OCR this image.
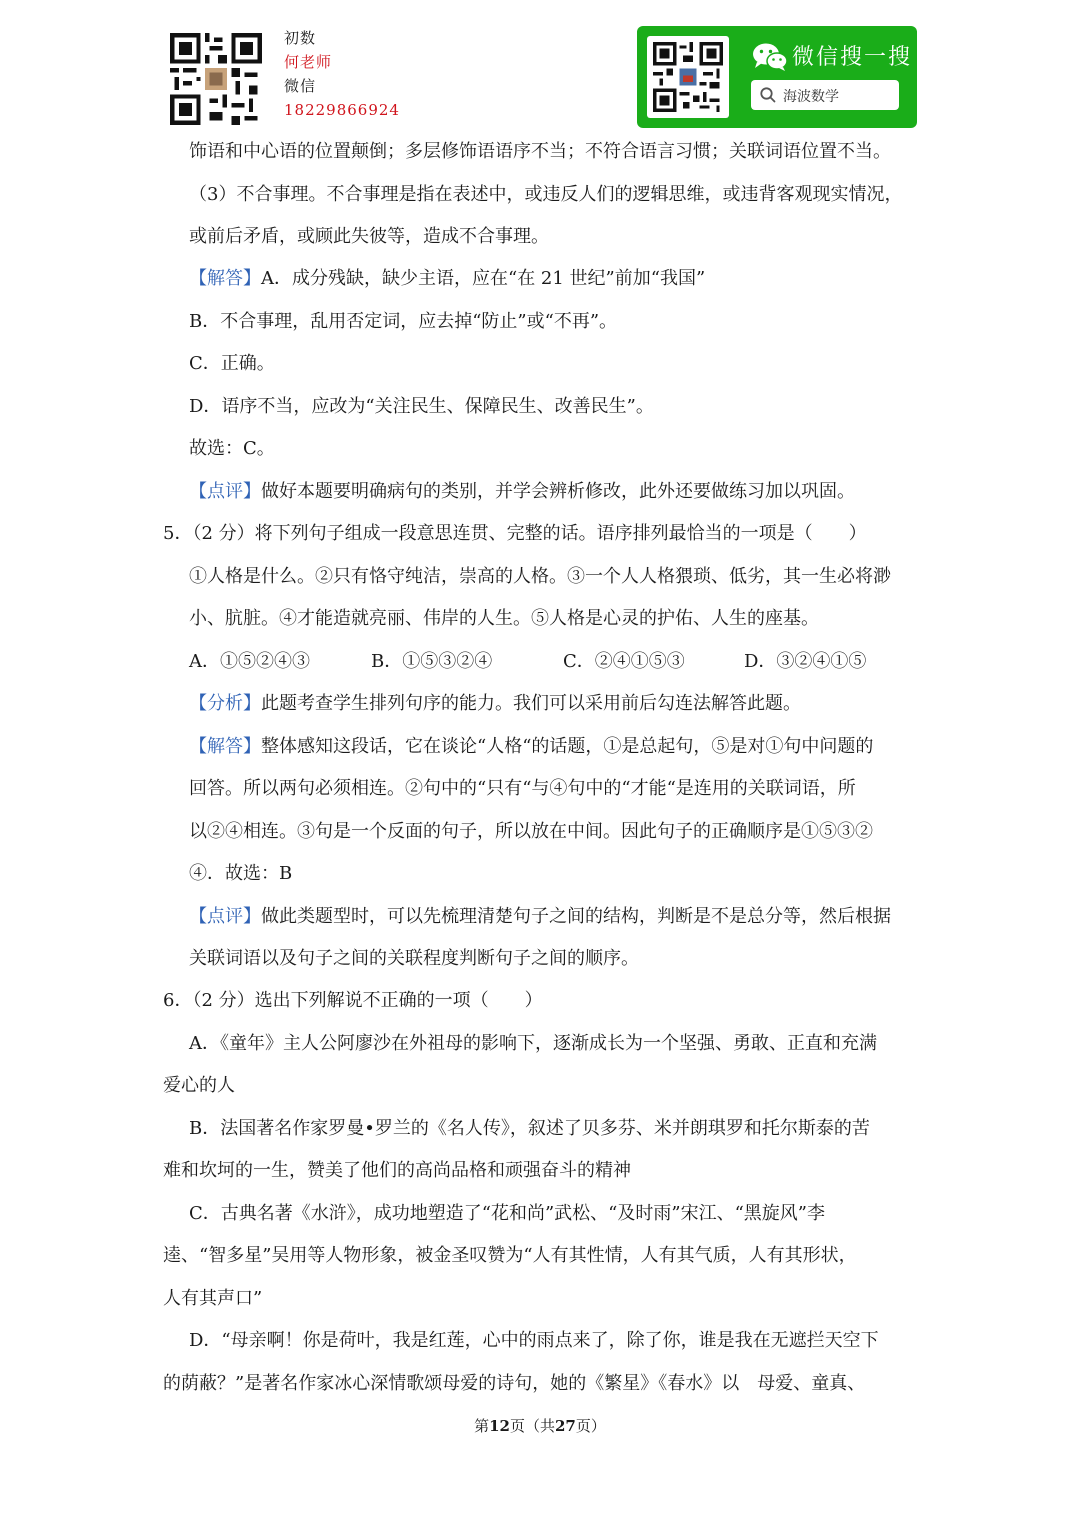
初数
何老师
微信
18229866924
微信搜一搜
海波数学
饰语和中心语的位置颠倒；多层修饰语语序不当；不符合语言习惯；关联词语位置不当。
（3）不合事理。不合事理是指在表述中，或违反人们的逻辑思维，或违背客观现实情况，
或前后矛盾，或顾此失彼等，造成不合事理。
【解答】A．成分残缺，缺少主语，应在“在 21 世纪”前加“我国”
B．不合事理，乱用否定词，应去掉“防止”或“不再”。
C．正确。
D．语序不当，应改为“关注民生、保障民生、改善民生”。
故选：C。
【点评】做好本题要明确病句的类别，并学会辨析修改，此外还要做练习加以巩固。
5．（2 分）将下列句子组成一段意思连贯、完整的话。语序排列最恰当的一项是（　　）
①人格是什么。②只有恪守纯洁，崇高的人格。③一个人人格猥琐、低劣，其一生必将渺
小、肮脏。④才能造就亮丽、伟岸的人生。⑤人格是心灵的护佑、人生的座基。
A．①⑤②④③	B．①⑤③②④	C．②④①⑤③	D．③②④①⑤
【分析】此题考查学生排列句序的能力。我们可以采用前后勾连法解答此题。
【解答】整体感知这段话，它在谈论“人格“的话题，①是总起句，⑤是对①句中问题的
回答。所以两句必须相连。②句中的“只有“与④句中的“才能“是连用的关联词语，所
以②④相连。③句是一个反面的句子，所以放在中间。因此句子的正确顺序是①⑤③②
④．故选：B
【点评】做此类题型时，可以先梳理清楚句子之间的结构，判断是不是总分等，然后根据
关联词语以及句子之间的关联程度判断句子之间的顺序。
6．（2 分）选出下列解说不正确的一项（　　）
A．《童年》主人公阿廖沙在外祖母的影响下，逐渐成长为一个坚强、勇敢、正直和充满
爱心的人
B．法国著名作家罗曼•罗兰的《名人传》，叙述了贝多芬、米并朗琪罗和托尔斯泰的苦
难和坎坷的一生，赞美了他们的高尚品格和顽强奋斗的精神
C．古典名著《水浒》，成功地塑造了“花和尚”武松、“及时雨”宋江、“黑旋风”李
逵、“智多星”吴用等人物形象，被金圣叹赞为“人有其性情，人有其气质，人有其形状，
人有其声口”
D．“母亲啊！你是荷叶，我是红莲，心中的雨点来了，除了你，谁是我在无遮拦天空下
的荫蔽？”是著名作家冰心深情歌颂母爱的诗句，她的《繁星》《春水》以　母爱、童真、
第12页（共27页）
